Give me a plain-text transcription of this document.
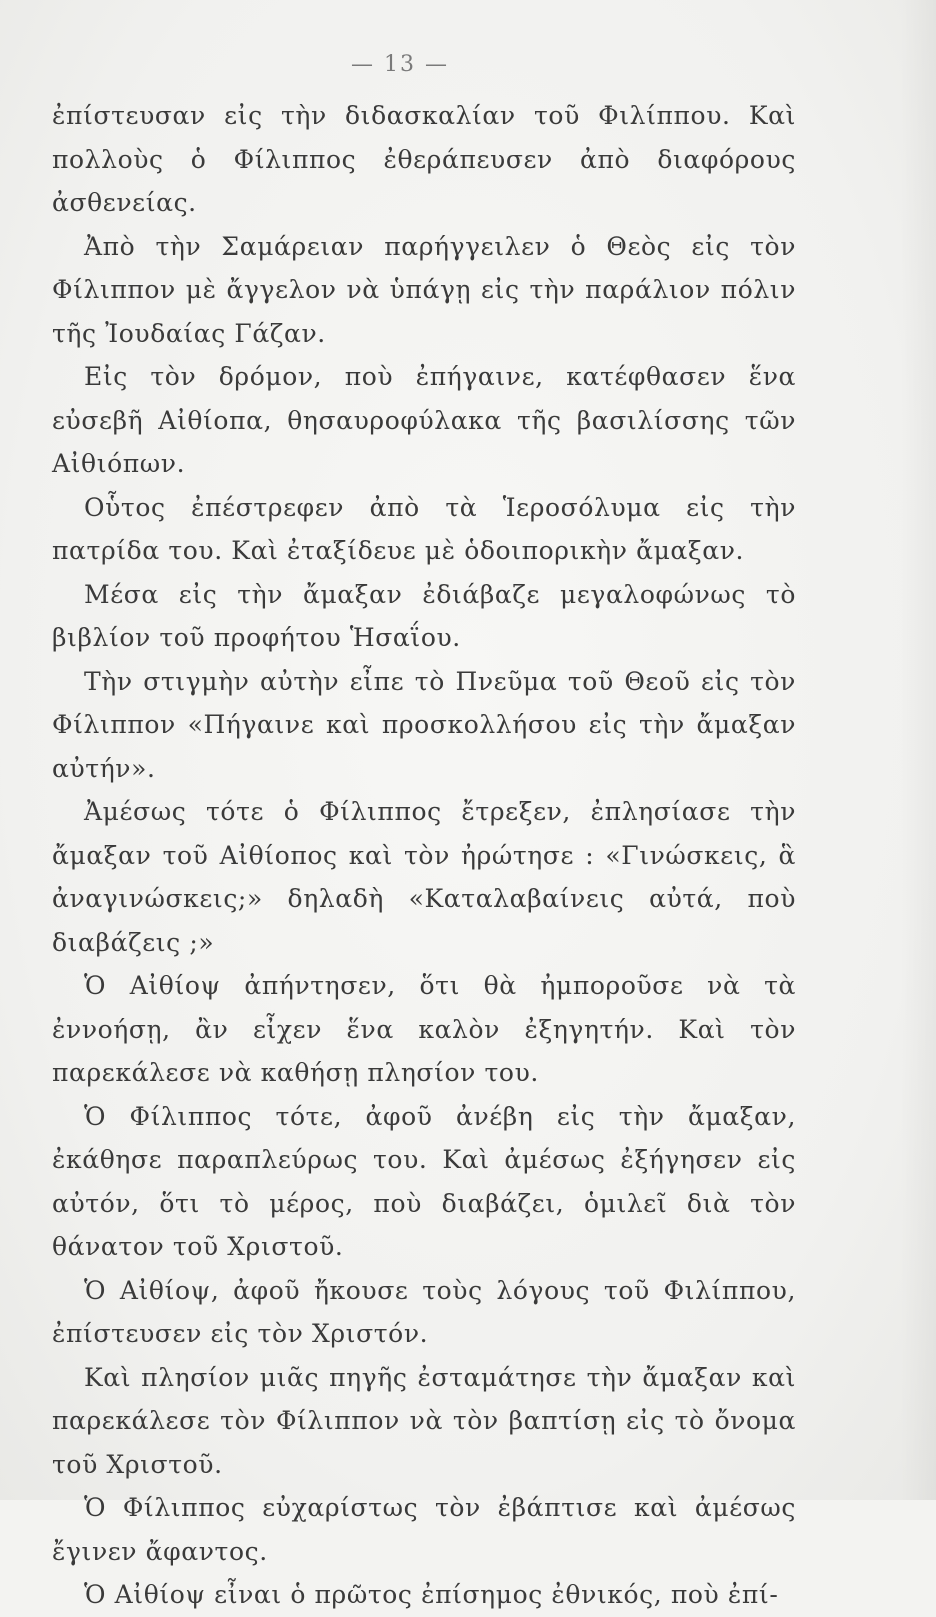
— 13 —

ἐπίστευσαν εἰς τὴν διδασκαλίαν τοῦ Φιλίππου. Καὶ πολλοὺς ὁ Φίλιππος ἐθεράπευσεν ἀπὸ διαφόρους ἀσθενείας.

Ἀπὸ τὴν Σαμάρειαν παρήγγειλεν ὁ Θεὸς εἰς τὸν Φίλιππον μὲ ἄγγελον νὰ ὑπάγῃ εἰς τὴν παράλιον πόλιν τῆς Ἰουδαίας Γάζαν.

Εἰς τὸν δρόμον, ποὺ ἐπήγαινε, κατέφθασεν ἕνα εὐσεβῆ Αἰθίοπα, θησαυροφύλακα τῆς βασιλίσσης τῶν Αἰθιόπων.

Οὗτος ἐπέστρεφεν ἀπὸ τὰ Ἱεροσόλυμα εἰς τὴν πατρίδα του. Καὶ ἐταξίδευε μὲ ὁδοιπορικὴν ἄμαξαν.

Μέσα εἰς τὴν ἄμαξαν ἐδιάβαζε μεγαλοφώνως τὸ βιβλίον τοῦ προφήτου Ἡσαΐου.

Τὴν στιγμὴν αὐτὴν εἶπε τὸ Πνεῦμα τοῦ Θεοῦ εἰς τὸν Φίλιππον «Πήγαινε καὶ προσκολλήσου εἰς τὴν ἄμαξαν αὐτήν».

Ἀμέσως τότε ὁ Φίλιππος ἔτρεξεν, ἐπλησίασε τὴν ἄμαξαν τοῦ Αἰθίοπος καὶ τὸν ἠρώτησε : «Γινώσκεις, ἃ ἀναγινώσκεις;» δηλαδὴ «Καταλαβαίνεις αὐτά, ποὺ διαβάζεις ;»

Ὁ Αἰθίοψ ἀπήντησεν, ὅτι θὰ ἠμποροῦσε νὰ τὰ ἐννοήσῃ, ἂν εἶχεν ἕνα καλὸν ἐξηγητήν. Καὶ τὸν παρεκάλεσε νὰ καθήσῃ πλησίον του.

Ὁ Φίλιππος τότε, ἀφοῦ ἀνέβη εἰς τὴν ἄμαξαν, ἐκάθησε παραπλεύρως του. Καὶ ἀμέσως ἐξήγησεν εἰς αὐτόν, ὅτι τὸ μέρος, ποὺ διαβάζει, ὁμιλεῖ διὰ τὸν θάνατον τοῦ Χριστοῦ.

Ὁ Αἰθίοψ, ἀφοῦ ἤκουσε τοὺς λόγους τοῦ Φιλίππου, ἐπίστευσεν εἰς τὸν Χριστόν.

Καὶ πλησίον μιᾶς πηγῆς ἐσταμάτησε τὴν ἄμαξαν καὶ παρεκάλεσε τὸν Φίλιππον νὰ τὸν βαπτίσῃ εἰς τὸ ὄνομα τοῦ Χριστοῦ.

Ὁ Φίλιππος εὐχαρίστως τὸν ἐβάπτισε καὶ ἀμέσως ἔγινεν ἄφαντος.

Ὁ Αἰθίοψ εἶναι ὁ πρῶτος ἐπίσημος ἐθνικός, ποὺ ἐπί-
